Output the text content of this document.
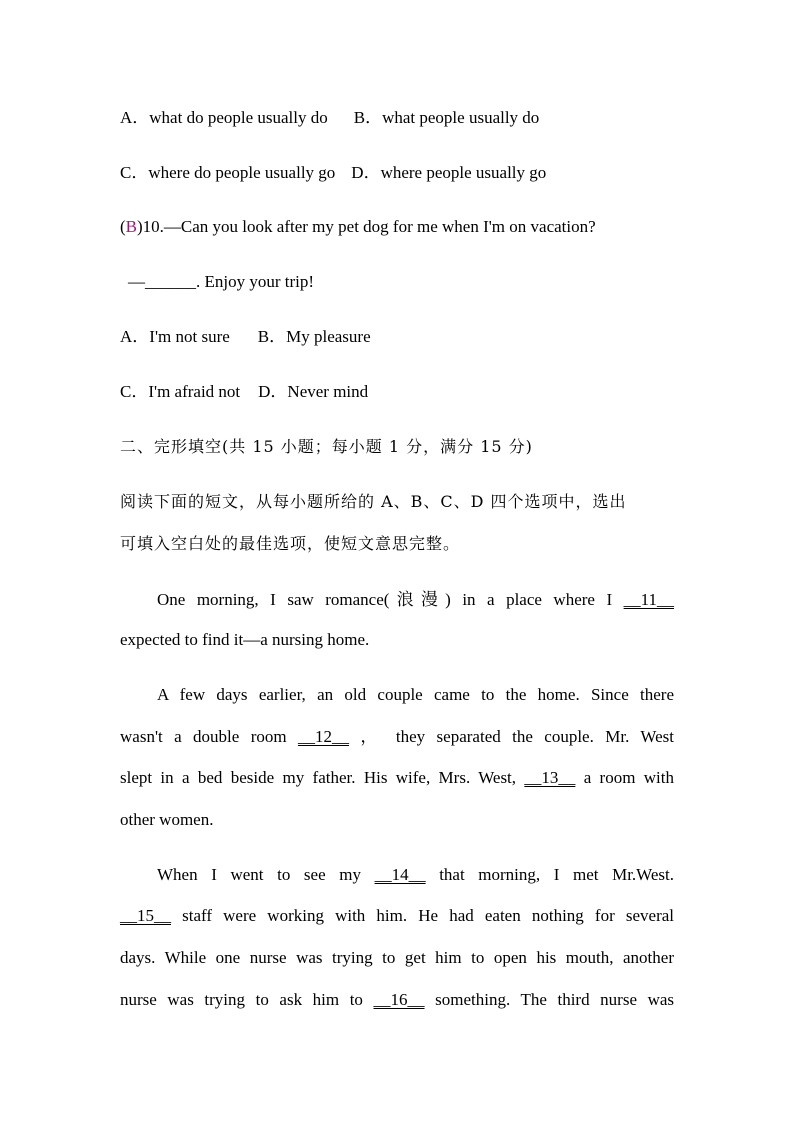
A．what do people usually do B．what people usually do
C．where do people usually go D．where people usually go
(B)10.—Can you look after my pet dog for me when I'm on vacation?
—______. Enjoy your trip!
A．I'm not sure B．My pleasure
C．I'm afraid not D．Never mind
二、完形填空(共 15 小题；每小题 1 分，满分 15 分)
阅读下面的短文，从每小题所给的 A、B、C、D 四个选项中，选出
可填入空白处的最佳选项，使短文意思完整。
One morning, I saw romance(浪漫) in a place where I __11__
expected to find it—a nursing home.
A few days earlier, an old couple came to the home. Since there
wasn't a double room __12__ ， they separated the couple. Mr. West
slept in a bed beside my father. His wife, Mrs. West, __13__ a room with
other women.
When I went to see my __14__ that morning, I met Mr.West.
__15__ staff were working with him. He had eaten nothing for several
days. While one nurse was trying to get him to open his mouth, another
nurse was trying to ask him to __16__ something. The third nurse was
